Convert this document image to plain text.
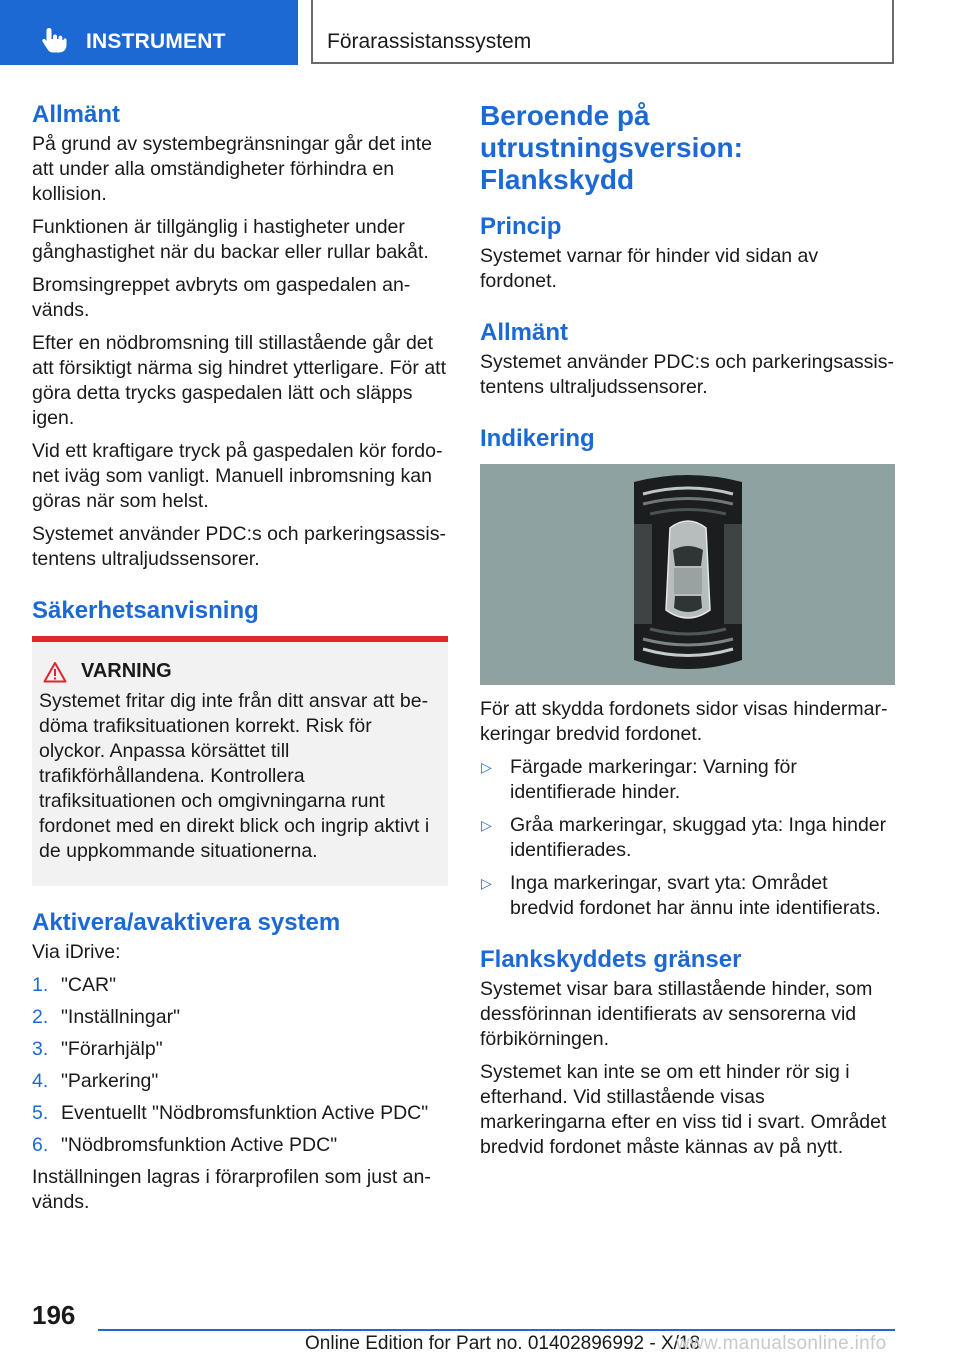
INSTRUMENT	Förarassistanssystem
Allmänt

På grund av systembegränsningar går det inte att under alla omständigheter förhindra en kollision.

Funktionen är tillgänglig i hastigheter under gånghastighet när du backar eller rullar bakåt.

Bromsingreppet avbryts om gaspedalen används.

Efter en nödbromsning till stillastående går det att försiktigt närma sig hindret ytterligare. För att göra detta trycks gaspedalen lätt och släpps igen.

Vid ett kraftigare tryck på gaspedalen kör fordonet iväg som vanligt. Manuell inbromsning kan göras när som helst.

Systemet använder PDC:s och parkeringsassistentens ultraljudssensorer.

Säkerhetsanvisning
VARNING

Systemet fritar dig inte från ditt ansvar att bedöma trafiksituationen korrekt. Risk för olyckor. Anpassa körsättet till trafikförhållandena. Kontrollera trafiksituationen och omgivningarna runt fordonet med en direkt blick och ingrip aktivt i de uppkommande situationerna.

Aktivera/avaktivera system

Via iDrive:

1. "CAR"
2. "Inställningar"
3. "Förarhjälp"
4. "Parkering"
5. Eventuellt "Nödbromsfunktion Active PDC"
6. "Nödbromsfunktion Active PDC"

Inställningen lagras i förarprofilen som just används.

Beroende på utrustningsversion: Flankskydd
Princip

Systemet varnar för hinder vid sidan av fordonet.

Allmänt

Systemet använder PDC:s och parkeringsassistentens ultraljudssensorer.

Indikering

För att skydda fordonets sidor visas hindermarkeringar bredvid fordonet.

▷ Färgade markeringar: Varning för identifierade hinder.
▷ Gråa markeringar, skuggad yta: Inga hinder identifierades.
▷ Inga markeringar, svart yta: Området bredvid fordonet har ännu inte identifierats.
Flankskyddets gränser

Systemet visar bara stillastående hinder, som dessförinnan identifierats av sensorerna vid förbikörningen.

Systemet kan inte se om ett hinder rör sig i efterhand. Vid stillastående visas markeringarna efter en viss tid i svart. Området bredvid fordonet måste kännas av på nytt.

196
Online Edition for Part no. 01402896992 - X/18
www.manualsonline.info
